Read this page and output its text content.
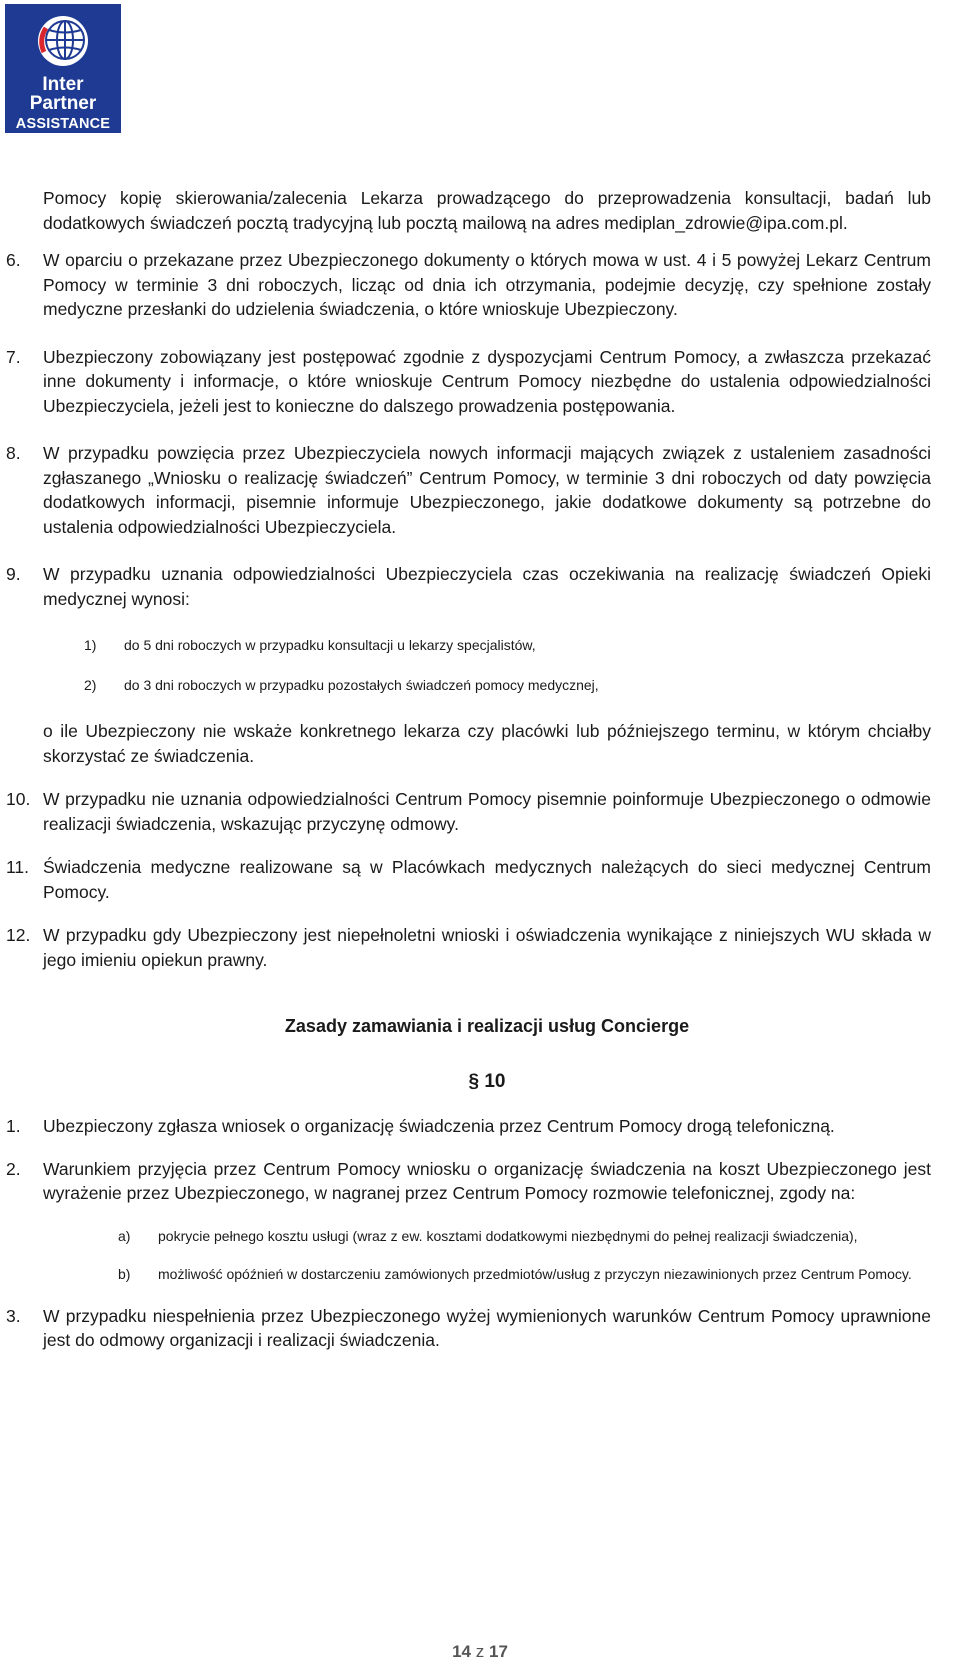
Inter
Partner
ASSISTANCE
Pomocy kopię skierowania/zalecenia Lekarza prowadzącego do przeprowadzenia konsultacji, badań lub dodatkowych świadczeń pocztą tradycyjną lub pocztą mailową na adres mediplan_zdrowie@ipa.com.pl.
6. W oparciu o przekazane przez Ubezpieczonego dokumenty o których mowa w ust. 4 i 5 powyżej Lekarz Centrum Pomocy w terminie 3 dni roboczych, licząc od dnia ich otrzymania, podejmie decyzję, czy spełnione zostały medyczne przesłanki do udzielenia świadczenia, o które wnioskuje Ubezpieczony.
7. Ubezpieczony zobowiązany jest postępować zgodnie z dyspozycjami Centrum Pomocy, a zwłaszcza przekazać inne dokumenty i informacje, o które wnioskuje Centrum Pomocy niezbędne do ustalenia odpowiedzialności Ubezpieczyciela, jeżeli jest to konieczne do dalszego prowadzenia postępowania.
8. W przypadku powzięcia przez Ubezpieczyciela nowych informacji mających związek z ustaleniem zasadności zgłaszanego „Wniosku o realizację świadczeń” Centrum Pomocy, w terminie 3 dni roboczych od daty powzięcia dodatkowych informacji, pisemnie informuje Ubezpieczonego, jakie dodatkowe dokumenty są potrzebne do ustalenia odpowiedzialności Ubezpieczyciela.
9. W przypadku uznania odpowiedzialności Ubezpieczyciela czas oczekiwania na realizację świadczeń Opieki medycznej wynosi:
1) do 5 dni roboczych w przypadku konsultacji u lekarzy specjalistów,
2) do 3 dni roboczych w przypadku pozostałych świadczeń pomocy medycznej,
o ile Ubezpieczony nie wskaże konkretnego lekarza czy placówki lub późniejszego terminu, w którym chciałby skorzystać ze świadczenia.
10. W przypadku nie uznania odpowiedzialności Centrum Pomocy pisemnie poinformuje Ubezpieczonego o odmowie realizacji świadczenia, wskazując przyczynę odmowy.
11. Świadczenia medyczne realizowane są w Placówkach medycznych należących do sieci medycznej Centrum Pomocy.
12. W przypadku gdy Ubezpieczony jest niepełnoletni wnioski i oświadczenia wynikające z niniejszych WU składa w jego imieniu opiekun prawny.
Zasady zamawiania i realizacji usług Concierge
§ 10
1. Ubezpieczony zgłasza wniosek o organizację świadczenia przez Centrum Pomocy drogą telefoniczną.
2. Warunkiem przyjęcia przez Centrum Pomocy wniosku o organizację świadczenia na koszt Ubezpieczonego jest wyrażenie przez Ubezpieczonego, w nagranej przez Centrum Pomocy rozmowie telefonicznej, zgody na:
a) pokrycie pełnego kosztu usługi (wraz z ew. kosztami dodatkowymi niezbędnymi do pełnej realizacji świadczenia),
b) możliwość opóźnień w dostarczeniu zamówionych przedmiotów/usług z przyczyn niezawinionych przez Centrum Pomocy.
3. W przypadku niespełnienia przez Ubezpieczonego wyżej wymienionych warunków Centrum Pomocy uprawnione jest do odmowy organizacji i realizacji świadczenia.
14 z 17
